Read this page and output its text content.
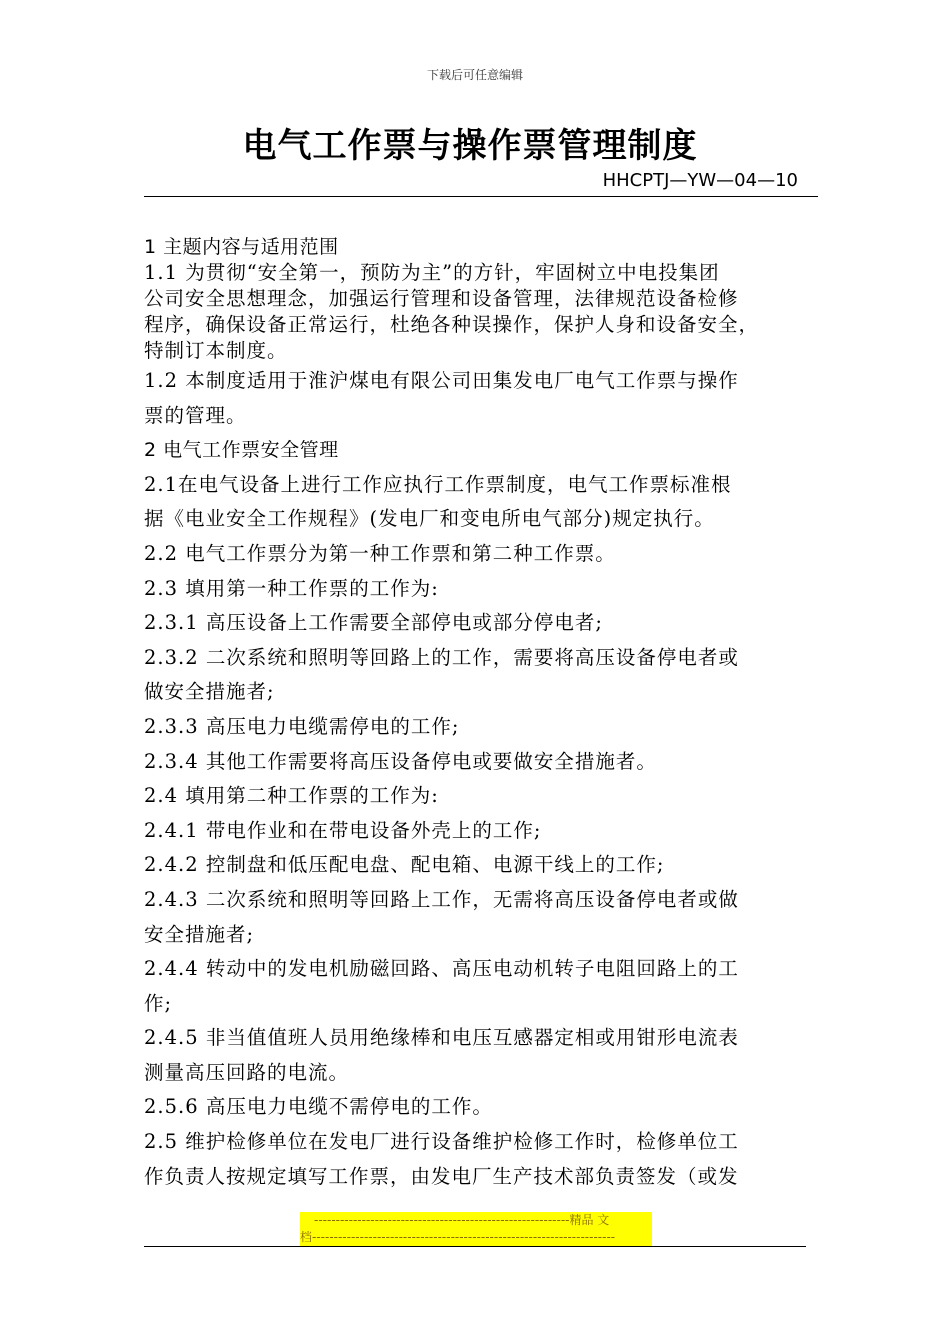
下载后可任意编辑
电气工作票与操作票管理制度
HHCPTJ—YW—04—10
1 主题内容与适用范围
1.1 为贯彻“安全第一，预防为主”的方针，牢固树立中电投集团
公司安全思想理念，加强运行管理和设备管理，法律规范设备检修
程序，确保设备正常运行，杜绝各种误操作，保护人身和设备安全，
特制订本制度。
1.2 本制度适用于淮沪煤电有限公司田集发电厂电气工作票与操作
票的管理。
2 电气工作票安全管理
2.1在电气设备上进行工作应执行工作票制度，电气工作票标准根
据《电业安全工作规程》(发电厂和变电所电气部分)规定执行。
2.2 电气工作票分为第一种工作票和第二种工作票。
2.3 填用第一种工作票的工作为:
2.3.1 高压设备上工作需要全部停电或部分停电者;
2.3.2 二次系统和照明等回路上的工作，需要将高压设备停电者或
做安全措施者;
2.3.3 高压电力电缆需停电的工作;
2.3.4 其他工作需要将高压设备停电或要做安全措施者。
2.4 填用第二种工作票的工作为:
2.4.1 带电作业和在带电设备外壳上的工作;
2.4.2 控制盘和低压配电盘、配电箱、电源干线上的工作;
2.4.3 二次系统和照明等回路上工作，无需将高压设备停电者或做
安全措施者;
2.4.4 转动中的发电机励磁回路、高压电动机转子电阻回路上的工
作;
2.4.5 非当值值班人员用绝缘棒和电压互感器定相或用钳形电流表
测量高压回路的电流。
2.5.6 高压电力电缆不需停电的工作。
2.5 维护检修单位在发电厂进行设备维护检修工作时，检修单位工
作负责人按规定填写工作票，由发电厂生产技术部负责签发（或发
-----------------------------------------------------------精品 文
档----------------------------------------------------------------------
